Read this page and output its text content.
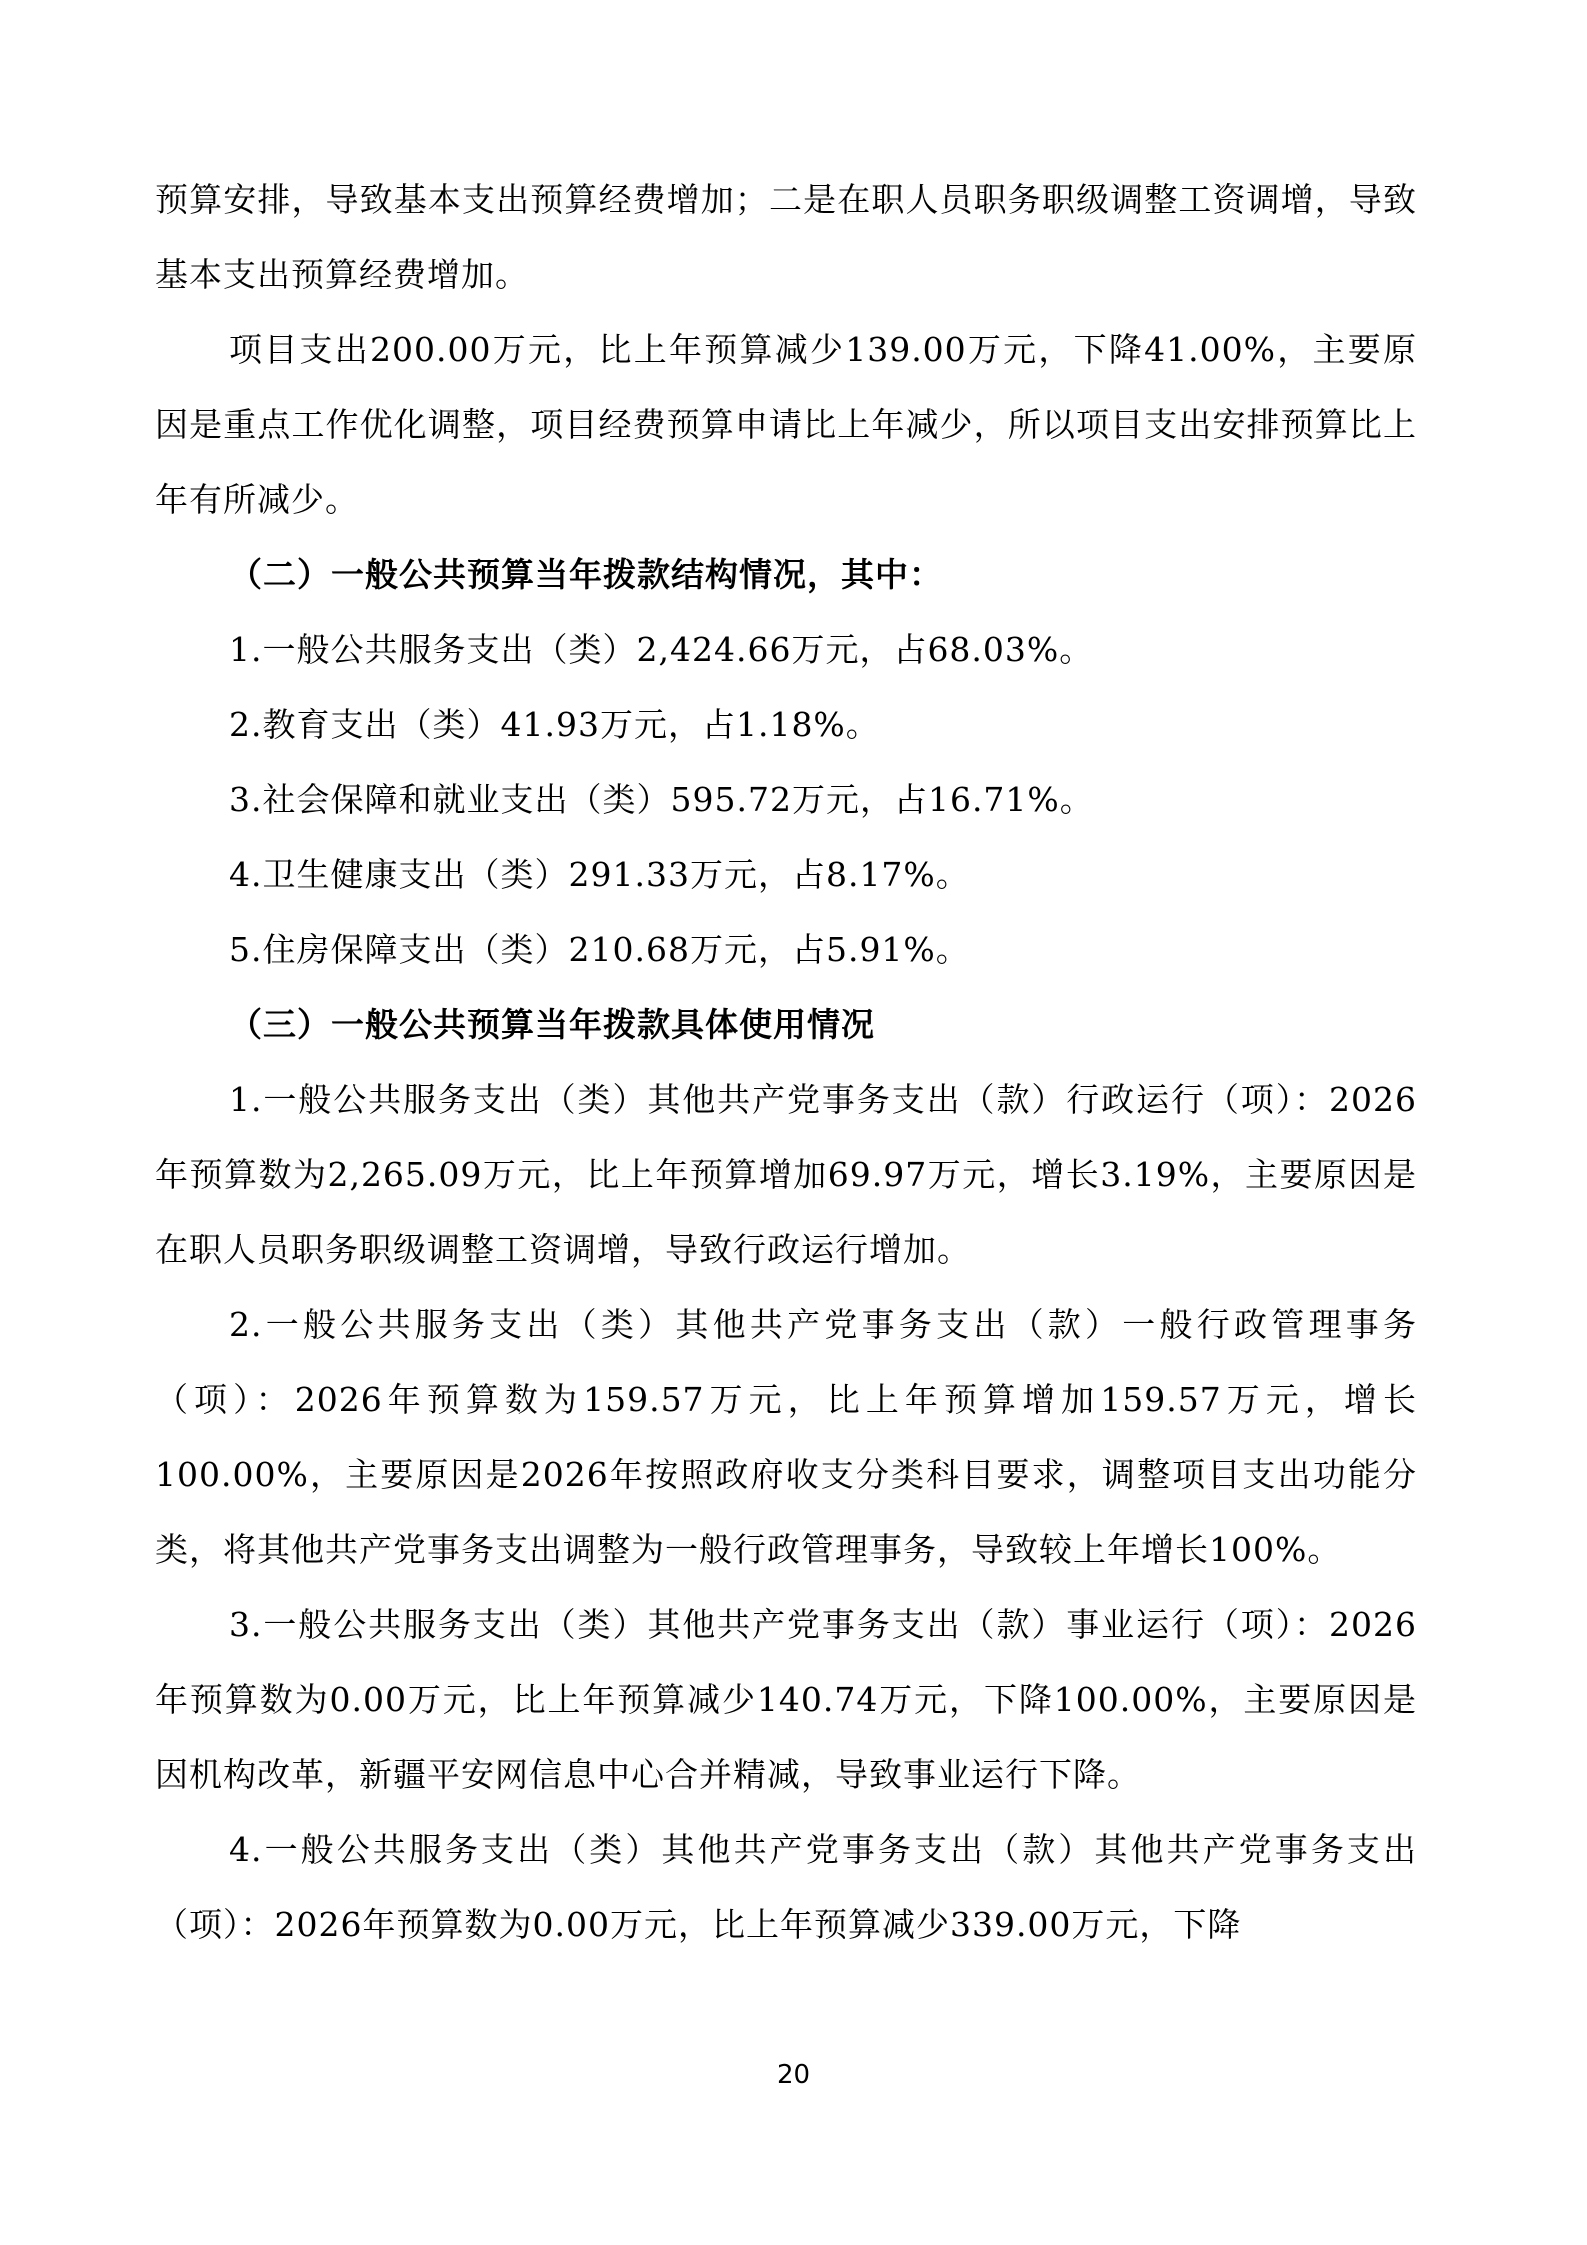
预算安排，导致基本支出预算经费增加；二是在职人员职务职级调整工资调增，导致基本支出预算经费增加。

项目支出200.00万元，比上年预算减少139.00万元，下降41.00%，主要原因是重点工作优化调整，项目经费预算申请比上年减少，所以项目支出安排预算比上年有所减少。

（二）一般公共预算当年拨款结构情况，其中：

1.一般公共服务支出（类）2,424.66万元，占68.03%。

2.教育支出（类）41.93万元，占1.18%。

3.社会保障和就业支出（类）595.72万元，占16.71%。

4.卫生健康支出（类）291.33万元，占8.17%。

5.住房保障支出（类）210.68万元，占5.91%。

（三）一般公共预算当年拨款具体使用情况

1.一般公共服务支出（类）其他共产党事务支出（款）行政运行（项）：2026年预算数为2,265.09万元，比上年预算增加69.97万元，增长3.19%，主要原因是在职人员职务职级调整工资调增，导致行政运行增加。

2.一般公共服务支出（类）其他共产党事务支出（款）一般行政管理事务（项）：2026年预算数为159.57万元，比上年预算增加159.57万元，增长100.00%，主要原因是2026年按照政府收支分类科目要求，调整项目支出功能分类，将其他共产党事务支出调整为一般行政管理事务，导致较上年增长100%。

3.一般公共服务支出（类）其他共产党事务支出（款）事业运行（项）：2026年预算数为0.00万元，比上年预算减少140.74万元，下降100.00%，主要原因是因机构改革，新疆平安网信息中心合并精减，导致事业运行下降。

4.一般公共服务支出（类）其他共产党事务支出（款）其他共产党事务支出（项）：2026年预算数为0.00万元，比上年预算减少339.00万元，下降

20
